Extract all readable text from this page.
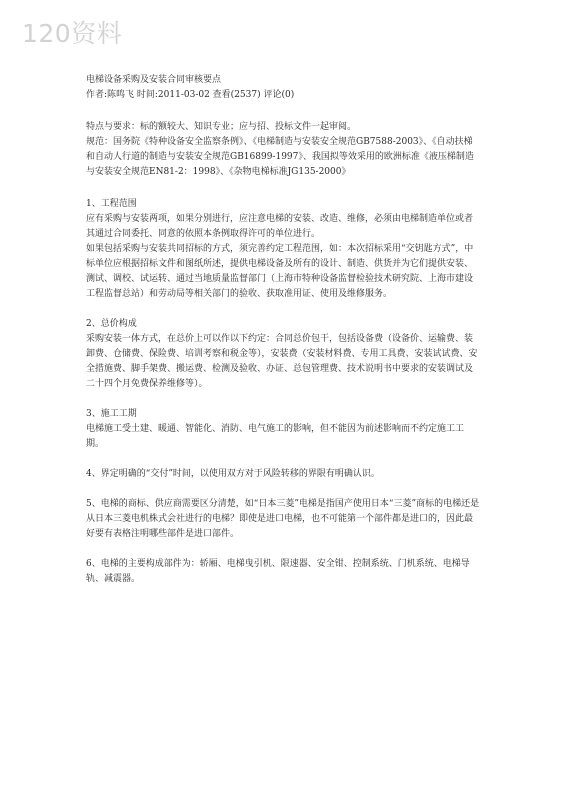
120资料

电梯设备采购及安装合同审核要点

作者:陈鸣飞 时间:2011-03-02 查看(2537) 评论(0)

特点与要求：标的额较大、知识专业；应与招、投标文件一起审阅。

规范：国务院《特种设备安全监察条例》、《电梯制造与安装安全规范GB7588-2003》、《自动扶梯和自动人行道的制造与安装安全规范GB16899-1997》、我国拟等效采用的欧洲标准《液压梯制造与安装安全规范EN81-2：1998》、《杂物电梯标准JG135-2000》

1、工程范围

应有采购与安装两项，如果分别进行，应注意电梯的安装、改造、维修，必须由电梯制造单位或者其通过合同委托、同意的依照本条例取得许可的单位进行。

如果包括采购与安装共同招标的方式，须完善约定工程范围，如：本次招标采用“交钥匙方式”，中标单位应根据招标文件和图纸所述，提供电梯设备及所有的设计、制造、供货并为它们提供安装、测试、调校、试运转、通过当地质量监督部门（上海市特种设备监督检验技术研究院、上海市建设工程监督总站）和劳动局等相关部门的验收、获取准用证、使用及维修服务。

2、总价构成

采购安装一体方式，在总价上可以作以下约定：合同总价包干，包括设备费（设备价、运输费、装卸费、仓储费、保险费、培训考察和税金等），安装费（安装材料费、专用工具费、安装试试费、安全措施费、脚手架费、搬运费、检测及验收、办证、总包管理费、技术说明书中要求的安装调试及二十四个月免费保养维修等）。

3、施工工期

电梯施工受土建、暖通、智能化、消防、电气施工的影响，但不能因为前述影响而不约定施工工期。

4、界定明确的“交付”时间，以使用双方对于风险转移的界限有明确认识。

5、电梯的商标、供应商需要区分清楚，如“日本三菱”电梯是指国产使用日本“三菱”商标的电梯还是从日本三菱电机株式会社进行的电梯？即使是进口电梯，也不可能第一个部件都是进口的，因此最好要有表格注明哪些部件是进口部件。

6、电梯的主要构成部件为：轿厢、电梯曳引机、限速器、安全钳、控制系统、门机系统、电梯导轨、减震器。
